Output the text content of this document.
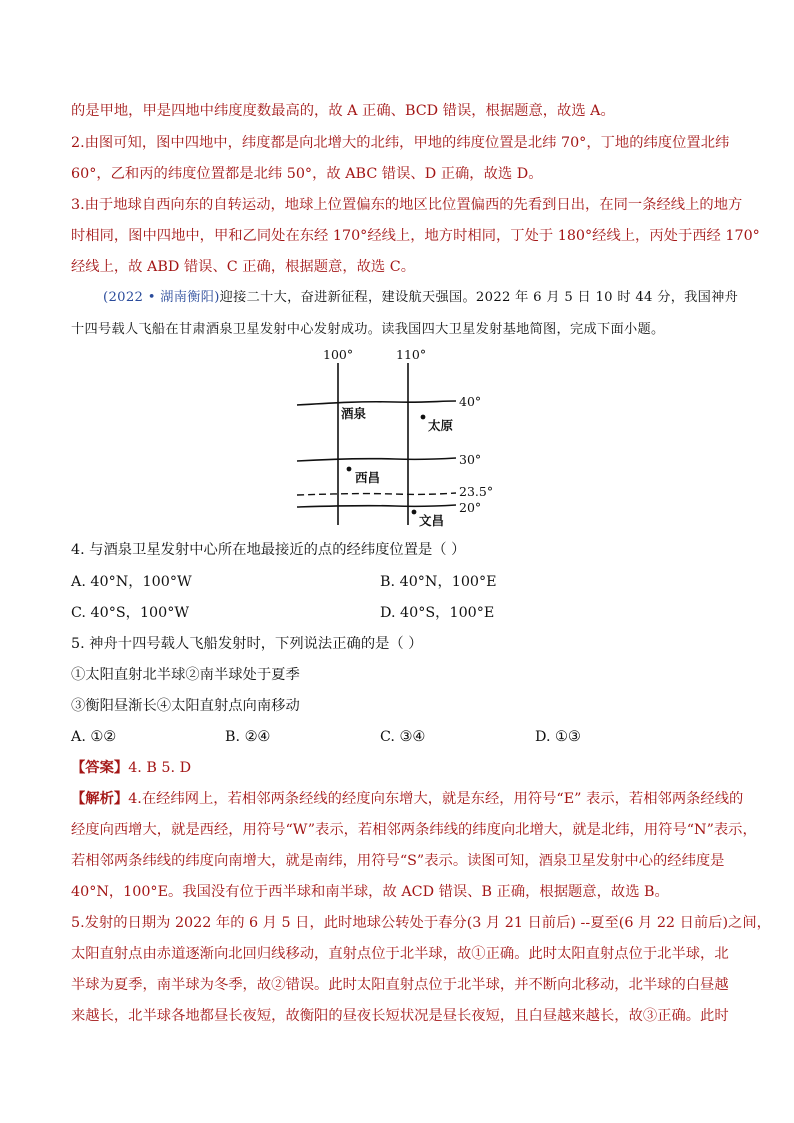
的是甲地，甲是四地中纬度度数最高的，故 A 正确、BCD 错误，根据题意，故选 A。
2.由图可知，图中四地中，纬度都是向北增大的北纬，甲地的纬度位置是北纬 70°，丁地的纬度位置北纬
60°，乙和丙的纬度位置都是北纬 50°，故 ABC 错误、D 正确，故选 D。
3.由于地球自西向东的自转运动，地球上位置偏东的地区比位置偏西的先看到日出，在同一条经线上的地方
时相同，图中四地中，甲和乙同处在东经 170°经线上，地方时相同，丁处于 180°经线上，丙处于西经 170°
经线上，故 ABD 错误、C 正确，根据题意，故选 C。
(2022 • 湖南衡阳)迎接二十大，奋进新征程，建设航天强国。2022 年 6 月 5 日 10 时 44 分，我国神舟
十四号载人飞船在甘肃酒泉卫星发射中心发射成功。读我国四大卫星发射基地简图，完成下面小题。
100°	110°
40°
30°
23.5°
20°
酒泉
太原
西昌
文昌
4. 与酒泉卫星发射中心所在地最接近的点的经纬度位置是（ ）
A. 40°N，100°W	B. 40°N，100°E
C. 40°S，100°W	D. 40°S，100°E
5. 神舟十四号载人飞船发射时，下列说法正确的是（ ）
①太阳直射北半球②南半球处于夏季
③衡阳昼渐长④太阳直射点向南移动
A. ①②	B. ②④	C. ③④	D. ①③
【答案】4. B 5. D
【解析】4.在经纬网上，若相邻两条经线的经度向东增大，就是东经，用符号“E” 表示，若相邻两条经线的
经度向西增大，就是西经，用符号“W”表示，若相邻两条纬线的纬度向北增大，就是北纬，用符号“N”表示，
若相邻两条纬线的纬度向南增大，就是南纬，用符号“S”表示。读图可知，酒泉卫星发射中心的经纬度是
40°N，100°E。我国没有位于西半球和南半球，故 ACD 错误、B 正确，根据题意，故选 B。
5.发射的日期为 2022 年的 6 月 5 日，此时地球公转处于春分(3 月 21 日前后) --夏至(6 月 22 日前后)之间，
太阳直射点由赤道逐渐向北回归线移动，直射点位于北半球，故①正确。此时太阳直射点位于北半球，北
半球为夏季，南半球为冬季，故②错误。此时太阳直射点位于北半球，并不断向北移动，北半球的白昼越
来越长，北半球各地都昼长夜短，故衡阳的昼夜长短状况是昼长夜短，且白昼越来越长，故③正确。此时
